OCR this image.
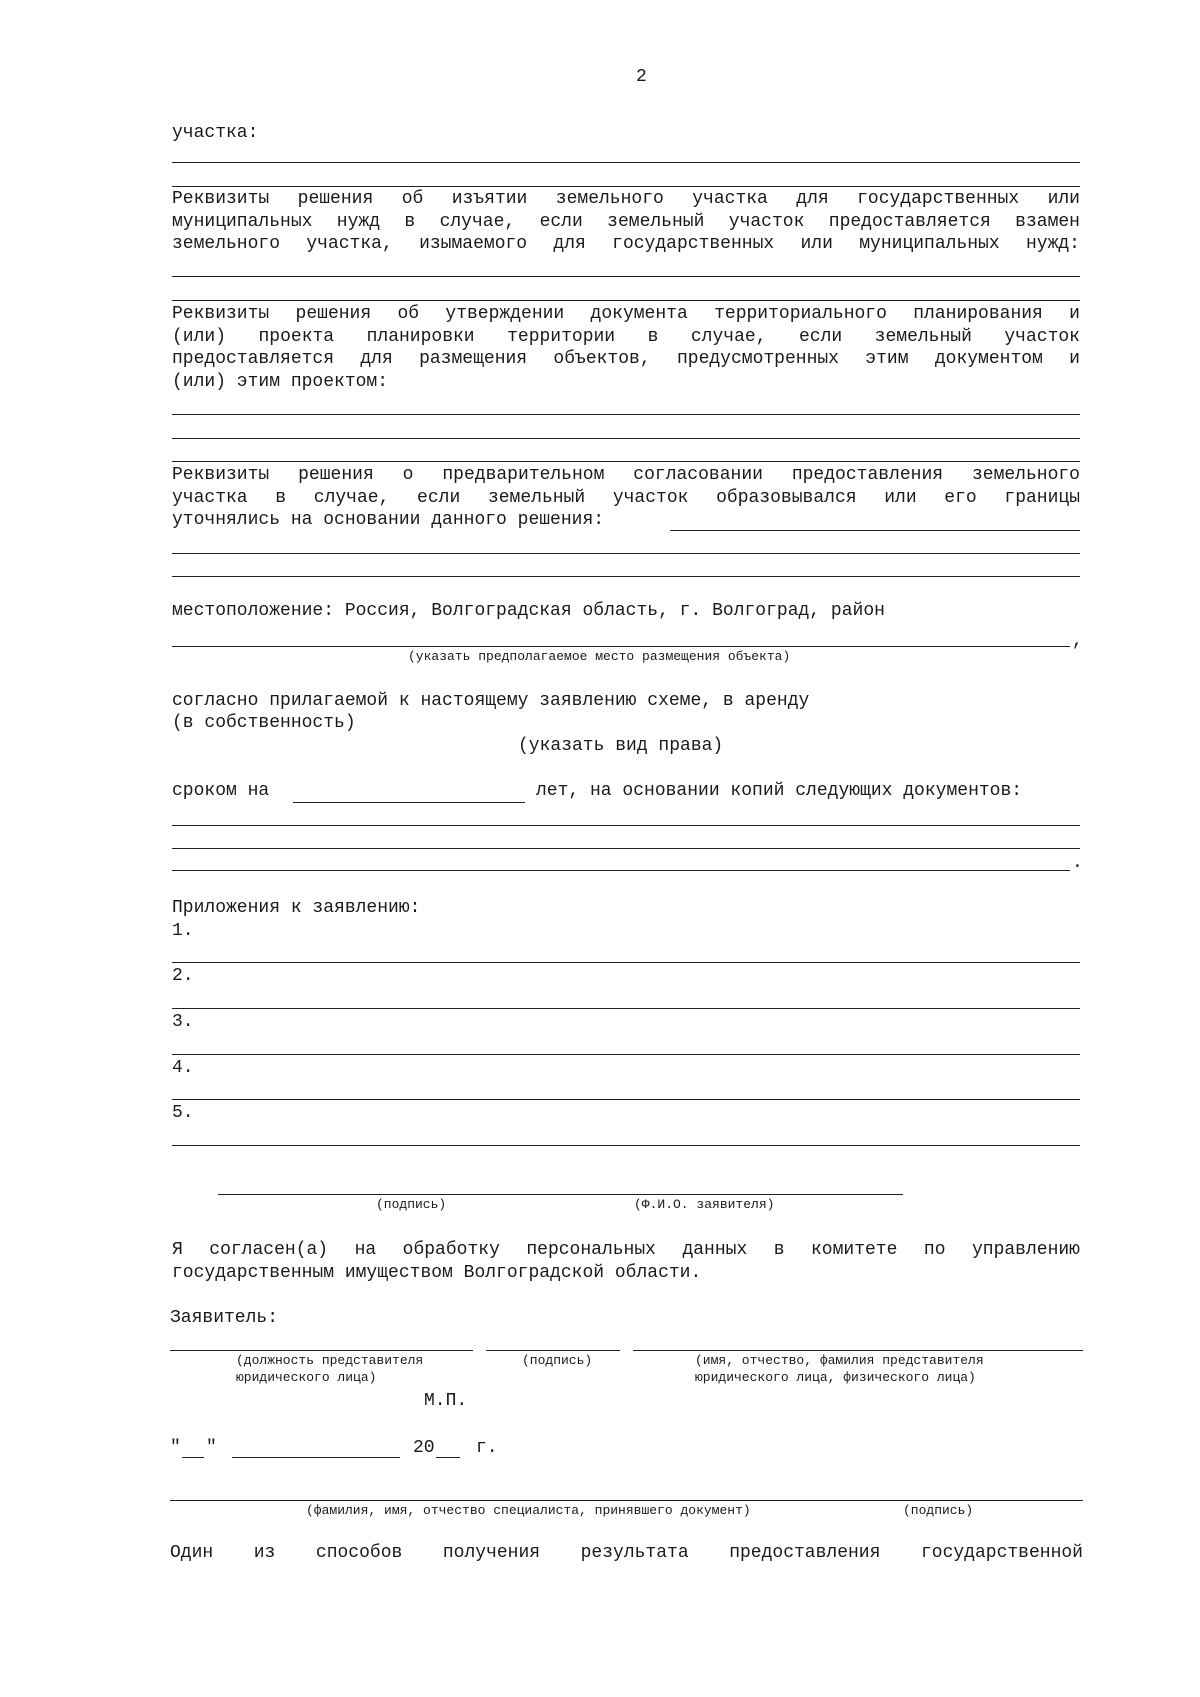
2
участка:
Реквизиты решения об изъятии земельного участка для государственных или
муниципальных нужд в случае, если земельный участок предоставляется взамен
земельного участка, изымаемого для государственных или муниципальных нужд:
Реквизиты решения об утверждении документа территориального планирования и
(или) проекта планировки территории в случае, если земельный участок
предоставляется для размещения объектов, предусмотренных этим документом и
(или) этим проектом:
Реквизиты решения о предварительном согласовании предоставления земельного
участка в случае, если земельный участок образовывался или его границы
уточнялись на основании данного решения:
местоположение: Россия, Волгоградская область, г. Волгоград, район
,
(указать предполагаемое место размещения объекта)
согласно прилагаемой к настоящему заявлению схеме, в аренду
(в собственность)
(указать вид права)
сроком на	лет, на основании копий следующих документов:
.
Приложения к заявлению:
1.
2.
3.
4.
5.
(подпись)	(Ф.И.О. заявителя)
Я согласен(а) на обработку персональных данных в комитете по управлению
государственным имуществом Волгоградской области.
Заявитель:
(должность представителя
юридического лица)
(подпись)	(имя, отчество, фамилия представителя
юридического лица, физического лица)
М.П.
" "	20 г.
(фамилия, имя, отчество специалиста, принявшего документ)	(подпись)
Один из способов получения результата предоставления государственной
